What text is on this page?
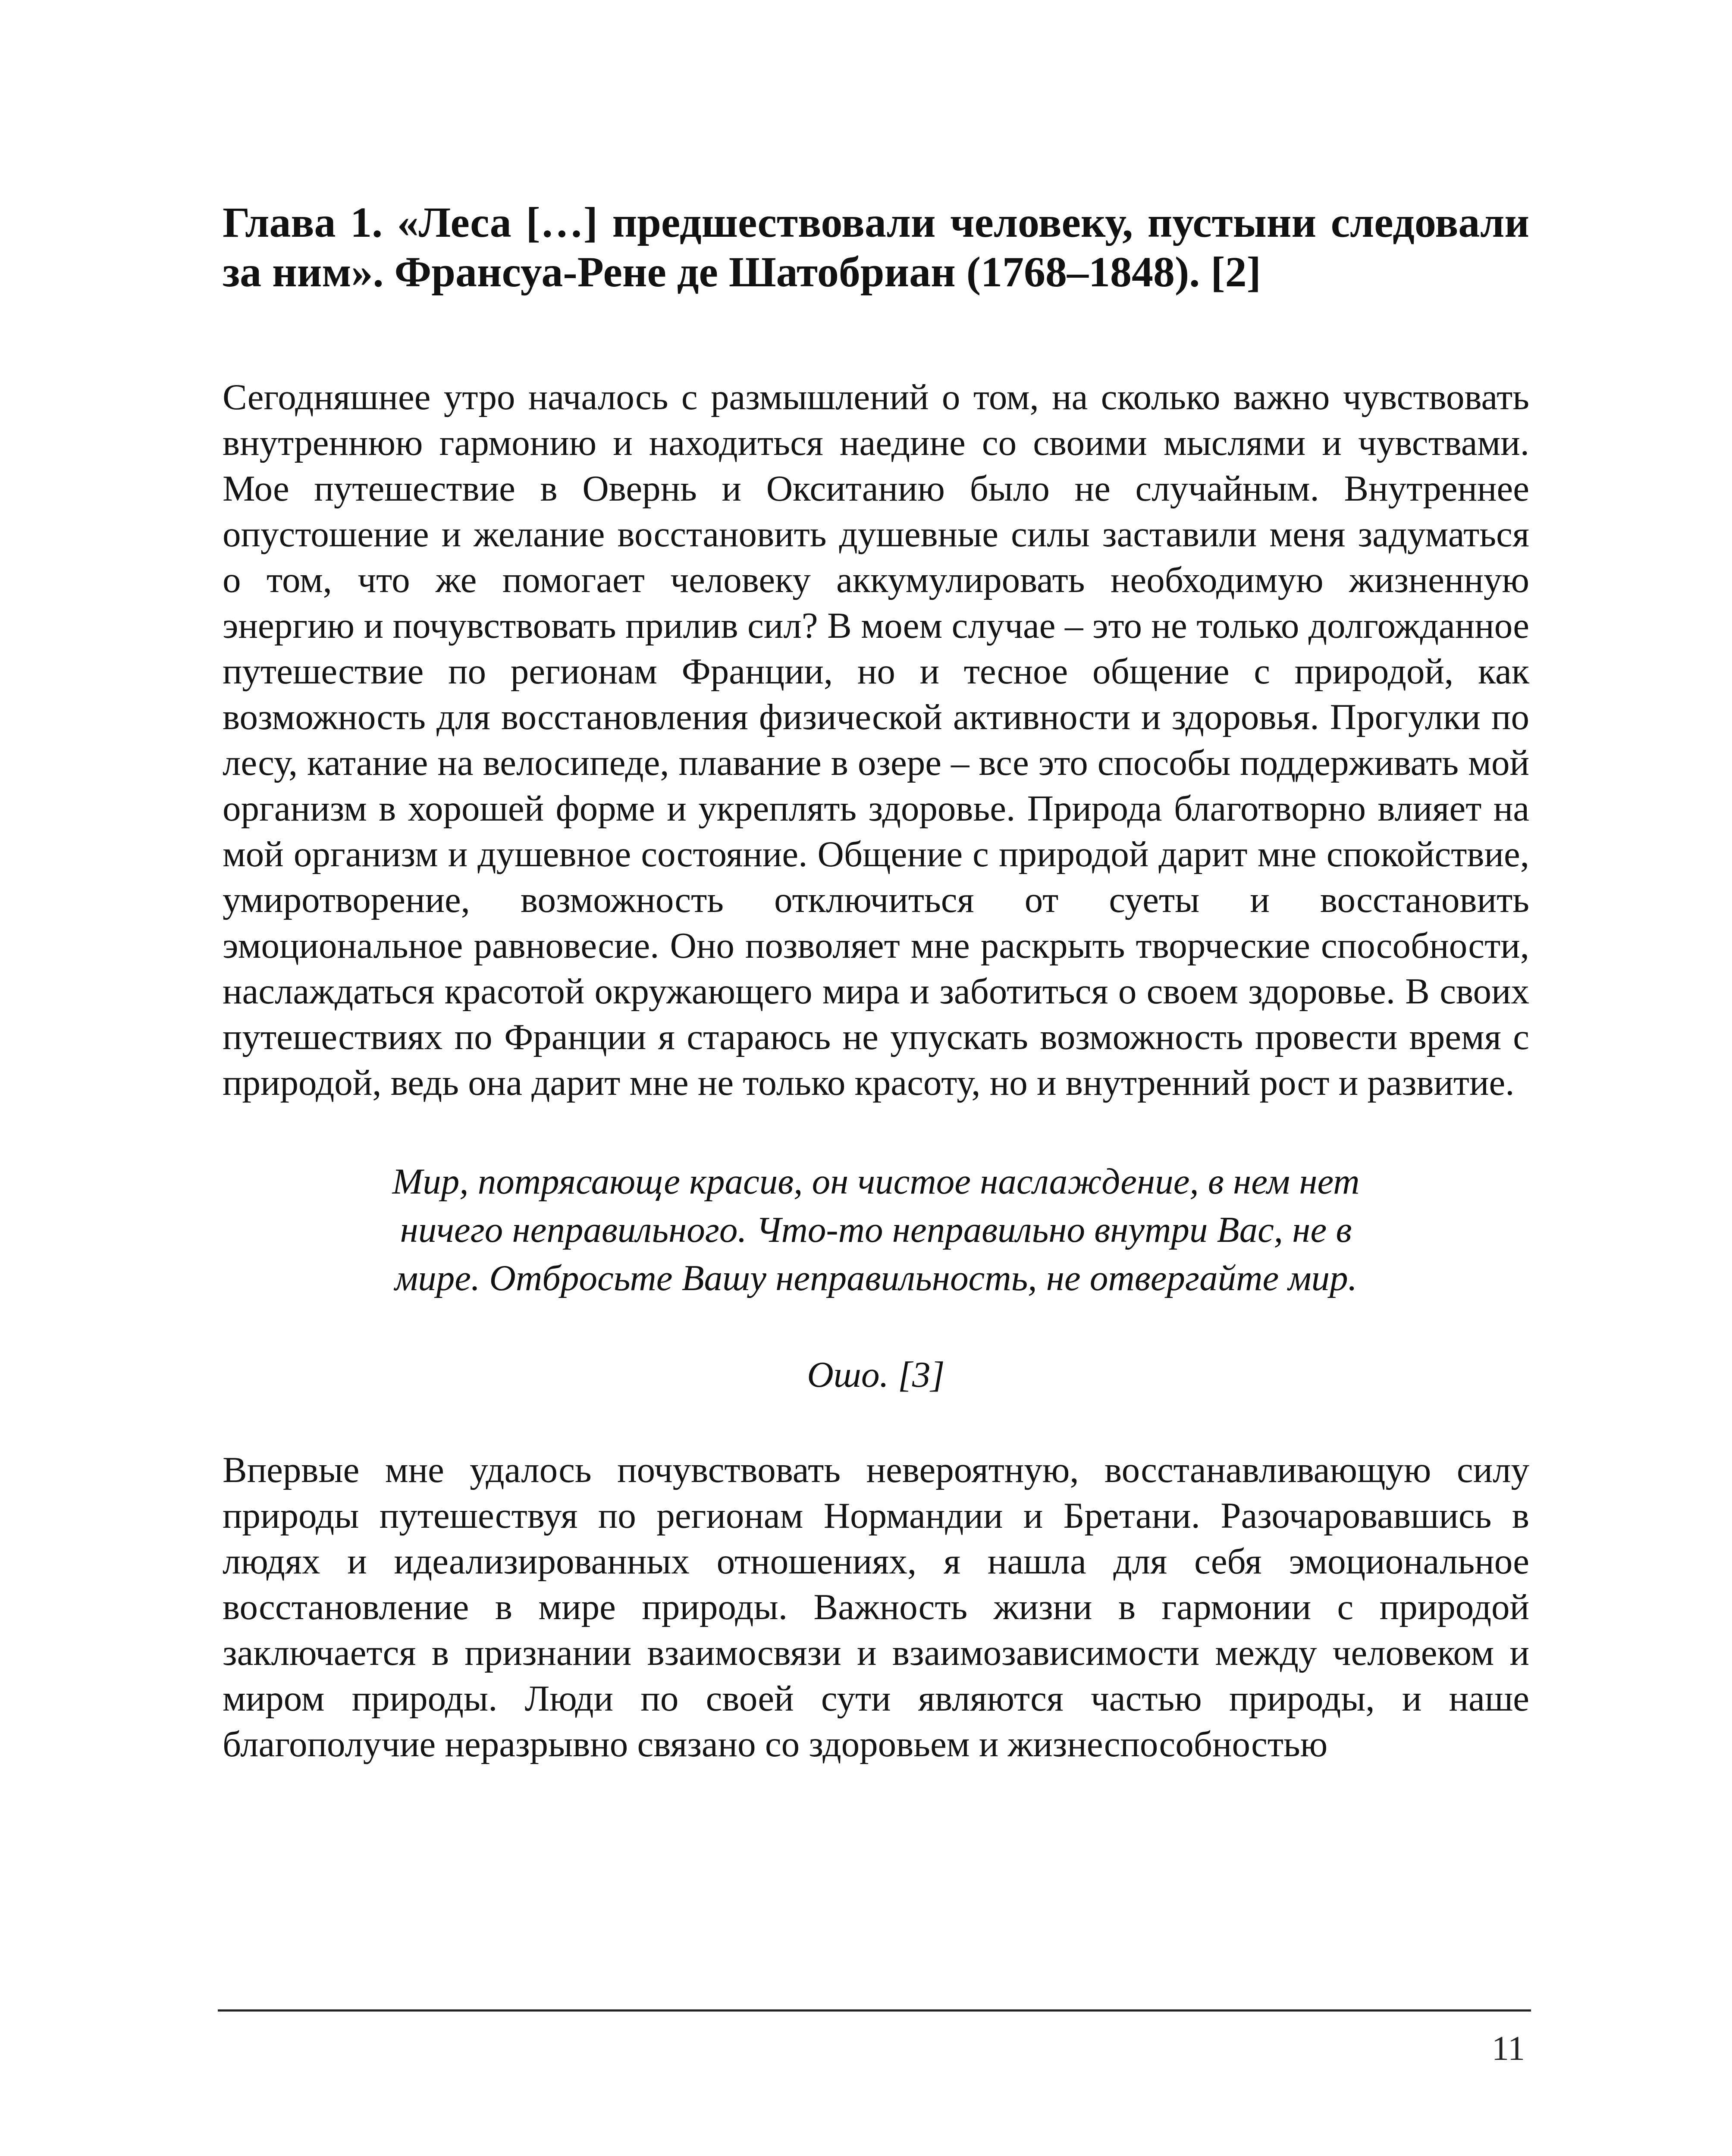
Глава 1. «Леса […] предшествовали человеку, пустыни следовали за ним». Франсуа-Рене де Шатобриан (1768–1848). [2]

Сегодняшнее утро началось с размышлений о том, на сколько важно чувствовать внутреннюю гармонию и находиться наедине со своими мыслями и чувствами. Мое путешествие в Овернь и Окситанию было не случайным. Внутреннее опустошение и желание восстановить душевные силы заставили меня задуматься о том, что же помогает человеку аккумулировать необходимую жизненную энергию и почувствовать прилив сил? В моем случае – это не только долгожданное путешествие по регионам Франции, но и тесное общение с природой, как возможность для восстановления физической активности и здоровья. Прогулки по лесу, катание на велосипеде, плавание в озере – все это способы поддерживать мой организм в хорошей форме и укреплять здоровье. Природа благотворно влияет на мой организм и душевное состояние. Общение с природой дарит мне спокойствие, умиротворение, возможность отключиться от суеты и восстановить эмоциональное равновесие. Оно позволяет мне раскрыть творческие способности, наслаждаться красотой окружающего мира и заботиться о своем здоровье. В своих путешествиях по Франции я стараюсь не упускать возможность провести время с природой, ведь она дарит мне не только красоту, но и внутренний рост и развитие.

Мир, потрясающе красив, он чистое наслаждение, в нем нет ничего неправильного. Что-то неправильно внутри Вас, не в мире. Отбросьте Вашу неправильность, не отвергайте мир.
Ошо. [3]

Впервые мне удалось почувствовать невероятную, восстанавливающую силу природы путешествуя по регионам Нормандии и Бретани. Разочаровавшись в людях и идеализированных отношениях, я нашла для себя эмоциональное восстановление в мире природы. Важность жизни в гармонии с природой заключается в признании взаимосвязи и взаимозависимости между человеком и миром природы. Люди по своей сути являются частью природы, и наше благополучие неразрывно связано со здоровьем и жизнеспособностью

11
